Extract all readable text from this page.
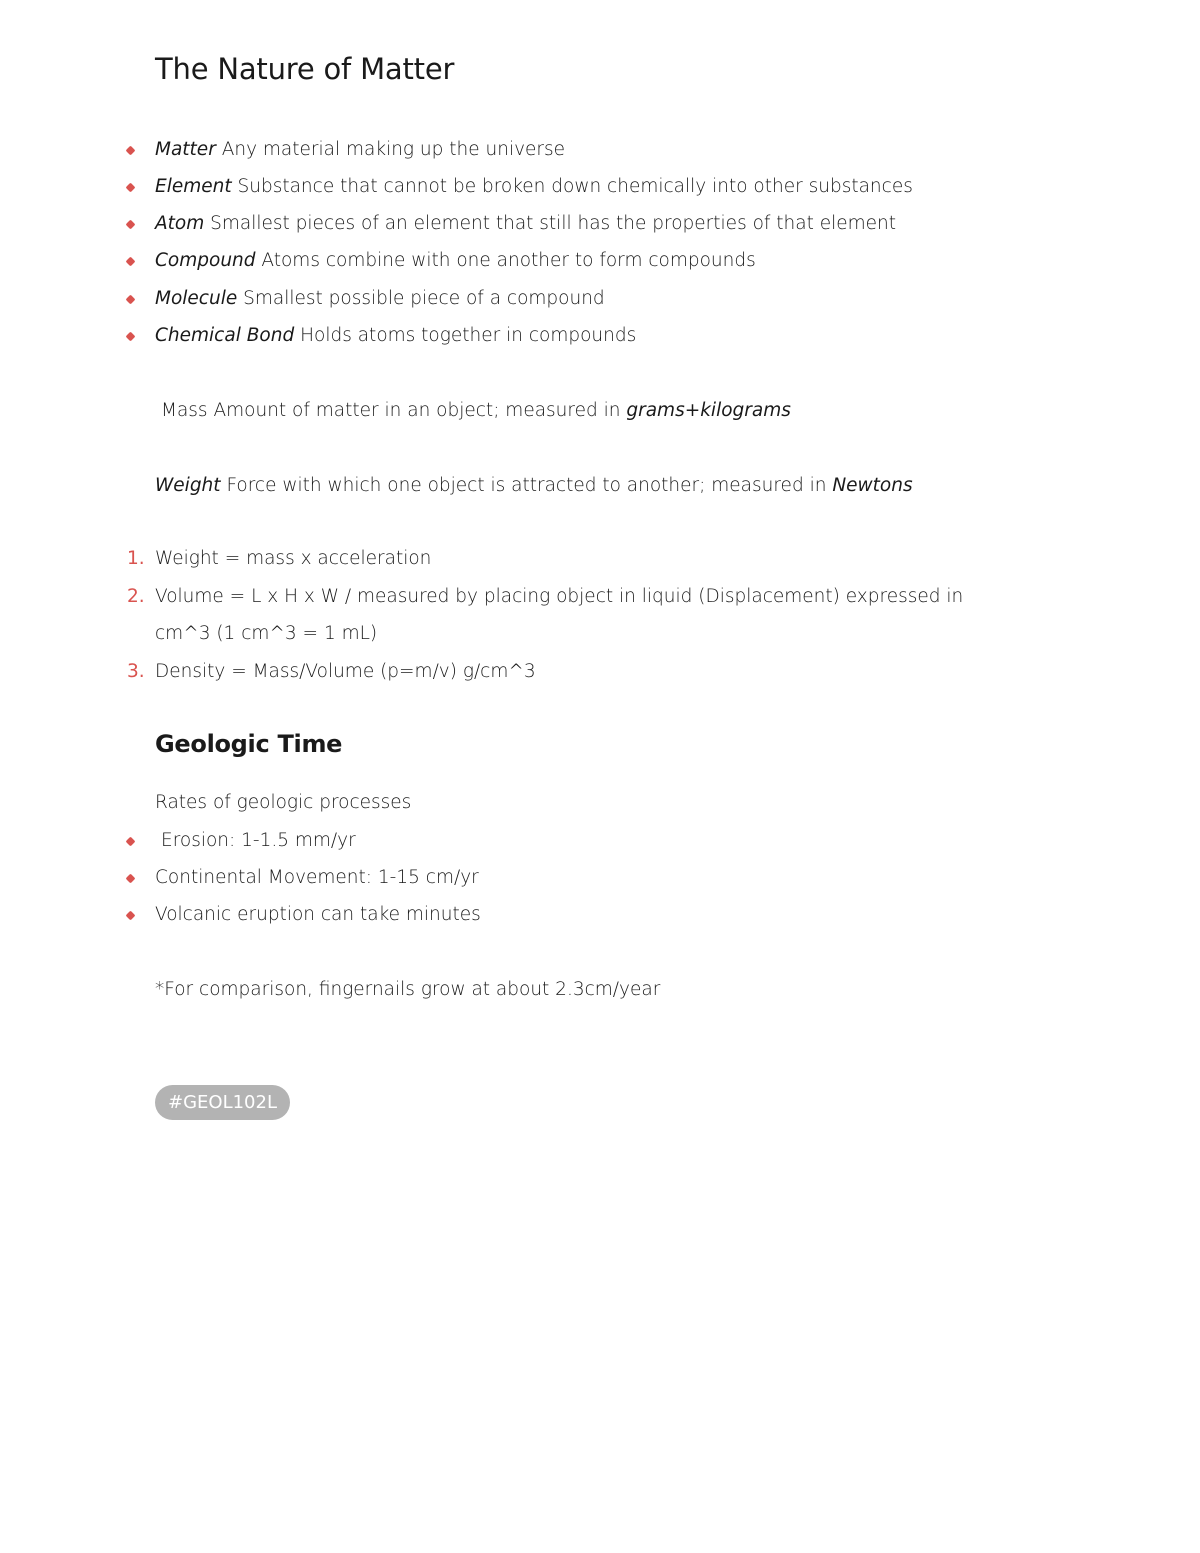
The Nature of Matter
Matter Any material making up the universe
Element Substance that cannot be broken down chemically into other substances
Atom Smallest pieces of an element that still has the properties of that element
Compound Atoms combine with one another to form compounds
Molecule Smallest possible piece of a compound
Chemical Bond Holds atoms together in compounds
Mass Amount of matter in an object; measured in grams+kilograms
Weight Force with which one object is attracted to another; measured in Newtons
1. Weight = mass x acceleration
2. Volume = L x H x W / measured by placing object in liquid (Displacement) expressed in
cm^3 (1 cm^3 = 1 mL)
3. Density = Mass/Volume (p=m/v) g/cm^3
Geologic Time
Rates of geologic processes
Erosion: 1-1.5 mm/yr
Continental Movement: 1-15 cm/yr
Volcanic eruption can take minutes
*For comparison, fingernails grow at about 2.3cm/year
#GEOL102L
